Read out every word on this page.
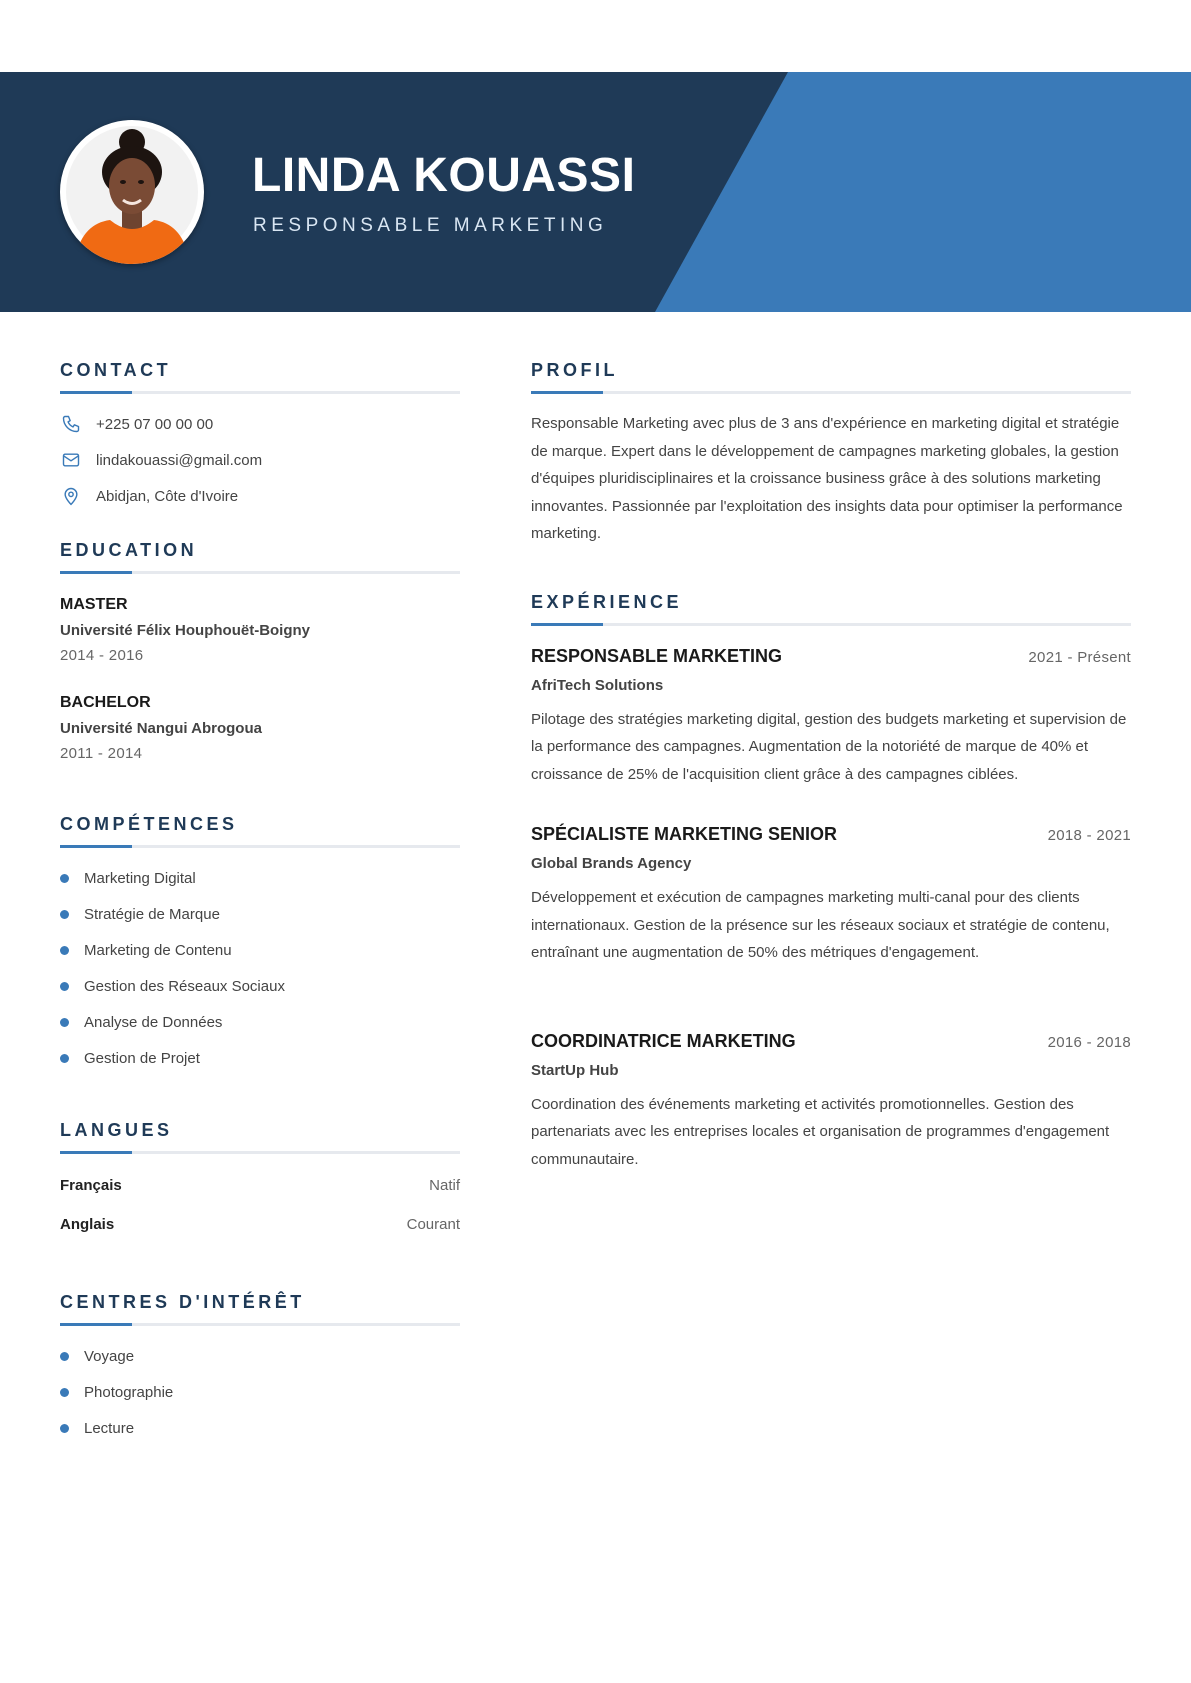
LINDA KOUASSI
RESPONSABLE MARKETING
CONTACT
+225 07 00 00 00
lindakouassi@gmail.com
Abidjan, Côte d'Ivoire
EDUCATION
MASTER
Université Félix Houphouët-Boigny
2014 - 2016
BACHELOR
Université Nangui Abrogoua
2011 - 2014
COMPÉTENCES
Marketing Digital
Stratégie de Marque
Marketing de Contenu
Gestion des Réseaux Sociaux
Analyse de Données
Gestion de Projet
LANGUES
Français	Natif
Anglais	Courant
CENTRES D'INTÉRÊT
Voyage
Photographie
Lecture
PROFIL

Responsable Marketing avec plus de 3 ans d'expérience en marketing digital et stratégie de marque. Expert dans le développement de campagnes marketing globales, la gestion d'équipes pluridisciplinaires et la croissance business grâce à des solutions marketing innovantes. Passionnée par l'exploitation des insights data pour optimiser la performance marketing.

EXPÉRIENCE
RESPONSABLE MARKETING	2021 - Présent
AfriTech Solutions
Pilotage des stratégies marketing digital, gestion des budgets marketing et supervision de la performance des campagnes. Augmentation de la notoriété de marque de 40% et croissance de 25% de l'acquisition client grâce à des campagnes ciblées.
SPÉCIALISTE MARKETING SENIOR	2018 - 2021
Global Brands Agency
Développement et exécution de campagnes marketing multi-canal pour des clients internationaux. Gestion de la présence sur les réseaux sociaux et stratégie de contenu, entraînant une augmentation de 50% des métriques d'engagement.
COORDINATRICE MARKETING	2016 - 2018
StartUp Hub
Coordination des événements marketing et activités promotionnelles. Gestion des partenariats avec les entreprises locales et organisation de programmes d'engagement communautaire.
